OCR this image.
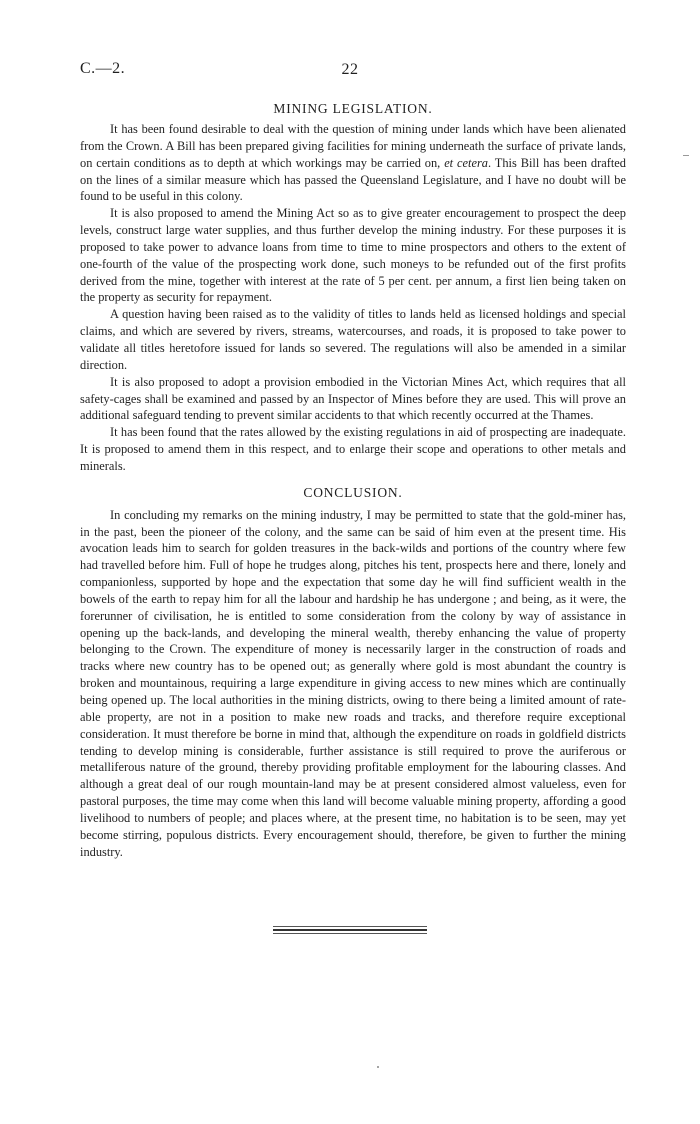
C.—2.	22
MINING LEGISLATION.

It has been found desirable to deal with the question of mining under lands which have been alienated from the Crown. A Bill has been prepared giving facilities for mining underneath the surface of private lands, on certain conditions as to depth at which workings may be carried on, et cetera. This Bill has been drafted on the lines of a similar measure which has passed the Queensland Legislature, and I have no doubt will be found to be useful in this colony.

It is also proposed to amend the Mining Act so as to give greater encouragement to prospect the deep levels, construct large water supplies, and thus further develop the mining industry. For these purposes it is proposed to take power to advance loans from time to time to mine prospectors and others to the extent of one-fourth of the value of the prospecting work done, such moneys to be refunded out of the first profits derived from the mine, together with interest at the rate of 5 per cent. per annum, a first lien being taken on the property as security for repayment.

A question having been raised as to the validity of titles to lands held as licensed holdings and special claims, and which are severed by rivers, streams, watercourses, and roads, it is proposed to take power to validate all titles heretofore issued for lands so severed. The regulations will also be amended in a similar direction.

It is also proposed to adopt a provision embodied in the Victorian Mines Act, which requires that all safety-cages shall be examined and passed by an Inspector of Mines before they are used. This will prove an additional safeguard tending to prevent similar accidents to that which recently occurred at the Thames.

It has been found that the rates allowed by the existing regulations in aid of prospecting are inadequate. It is proposed to amend them in this respect, and to enlarge their scope and operations to other metals and minerals.

CONCLUSION.

In concluding my remarks on the mining industry, I may be permitted to state that the gold-miner has, in the past, been the pioneer of the colony, and the same can be said of him even at the present time. His avocation leads him to search for golden treasures in the back-wilds and portions of the country where few had travelled before him. Full of hope he trudges along, pitches his tent, prospects here and there, lonely and companionless, supported by hope and the expectation that some day he will find sufficient wealth in the bowels of the earth to repay him for all the labour and hardship he has undergone ; and being, as it were, the forerunner of civilisation, he is entitled to some consideration from the colony by way of assistance in opening up the back-lands, and developing the mineral wealth, thereby enhancing the value of property belonging to the Crown. The expenditure of money is necessarily larger in the construction of roads and tracks where new country has to be opened out; as generally where gold is most abundant the country is broken and mountainous, requiring a large expenditure in giving access to new mines which are continually being opened up. The local authorities in the mining districts, owing to there being a limited amount of rateable property, are not in a position to make new roads and tracks, and therefore require exceptional consideration. It must therefore be borne in mind that, although the expenditure on roads in goldfield districts tending to develop mining is considerable, further assistance is still required to prove the auriferous or metalliferous nature of the ground, thereby providing profitable employment for the labouring classes. And although a great deal of our rough mountain-land may be at present considered almost valueless, even for pastoral purposes, the time may come when this land will become valuable mining property, affording a good livelihood to numbers of people; and places where, at the present time, no habitation is to be seen, may yet become stirring, populous districts. Every encouragement should, therefore, be given to further the mining industry.
